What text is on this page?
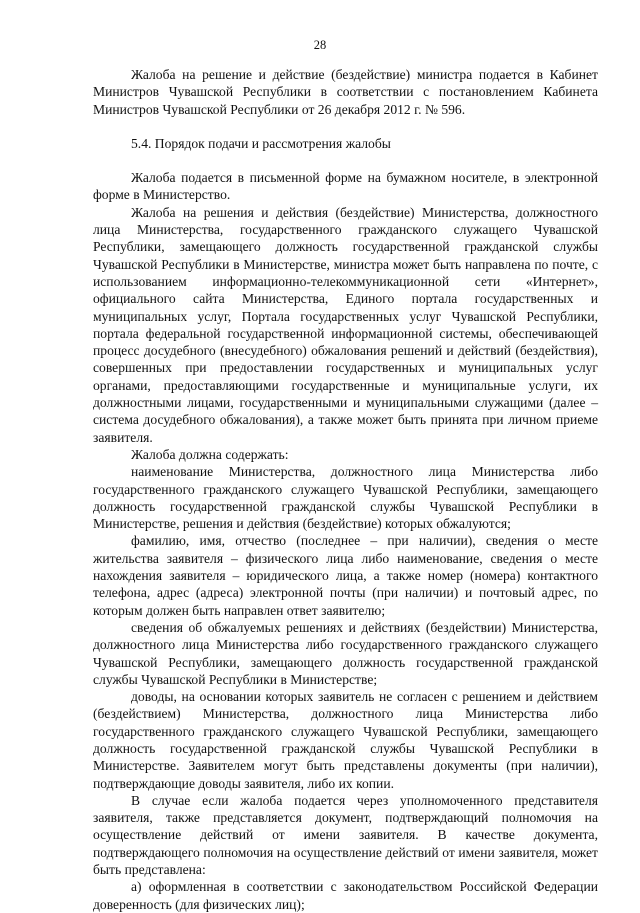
28

Жалоба на решение и действие (бездействие) министра подается в Кабинет Министров Чувашской Республики в соответствии с постановлением Кабинета Министров Чувашской Республики от 26 декабря 2012 г. № 596.

5.4. Порядок подачи и рассмотрения жалобы

Жалоба подается в письменной форме на бумажном носителе, в электронной форме в Министерство.

Жалоба на решения и действия (бездействие) Министерства, должностного лица Министерства, государственного гражданского служащего Чувашской Республики, замещающего должность государственной гражданской службы Чувашской Республики в Министерстве, министра может быть направлена по почте, с использованием информационно-телекоммуникационной сети «Интернет», официального сайта Министерства, Единого портала государственных и муниципальных услуг, Портала государственных услуг Чувашской Республики, портала федеральной государственной информационной системы, обеспечивающей процесс досудебного (внесудебного) обжалования решений и действий (бездействия), совершенных при предоставлении государственных и муниципальных услуг органами, предоставляющими государственные и муниципальные услуги, их должностными лицами, государственными и муниципальными служащими (далее – система досудебного обжалования), а также может быть принята при личном приеме заявителя.

Жалоба должна содержать:

наименование Министерства, должностного лица Министерства либо государственного гражданского служащего Чувашской Республики, замещающего должность государственной гражданской службы Чувашской Республики в Министерстве, решения и действия (бездействие) которых обжалуются;

фамилию, имя, отчество (последнее – при наличии), сведения о месте жительства заявителя – физического лица либо наименование, сведения о месте нахождения заявителя – юридического лица, а также номер (номера) контактного телефона, адрес (адреса) электронной почты (при наличии) и почтовый адрес, по которым должен быть направлен ответ заявителю;

сведения об обжалуемых решениях и действиях (бездействии) Министерства, должностного лица Министерства либо государственного гражданского служащего Чувашской Республики, замещающего должность государственной гражданской службы Чувашской Республики в Министерстве;

доводы, на основании которых заявитель не согласен с решением и действием (бездействием) Министерства, должностного лица Министерства либо государственного гражданского служащего Чувашской Республики, замещающего должность государственной гражданской службы Чувашской Республики в Министерстве. Заявителем могут быть представлены документы (при наличии), подтверждающие доводы заявителя, либо их копии.

В случае если жалоба подается через уполномоченного представителя заявителя, также представляется документ, подтверждающий полномочия на осуществление действий от имени заявителя. В качестве документа, подтверждающего полномочия на осуществление действий от имени заявителя, может быть представлена:

а) оформленная в соответствии с законодательством Российской Федерации доверенность (для физических лиц);
